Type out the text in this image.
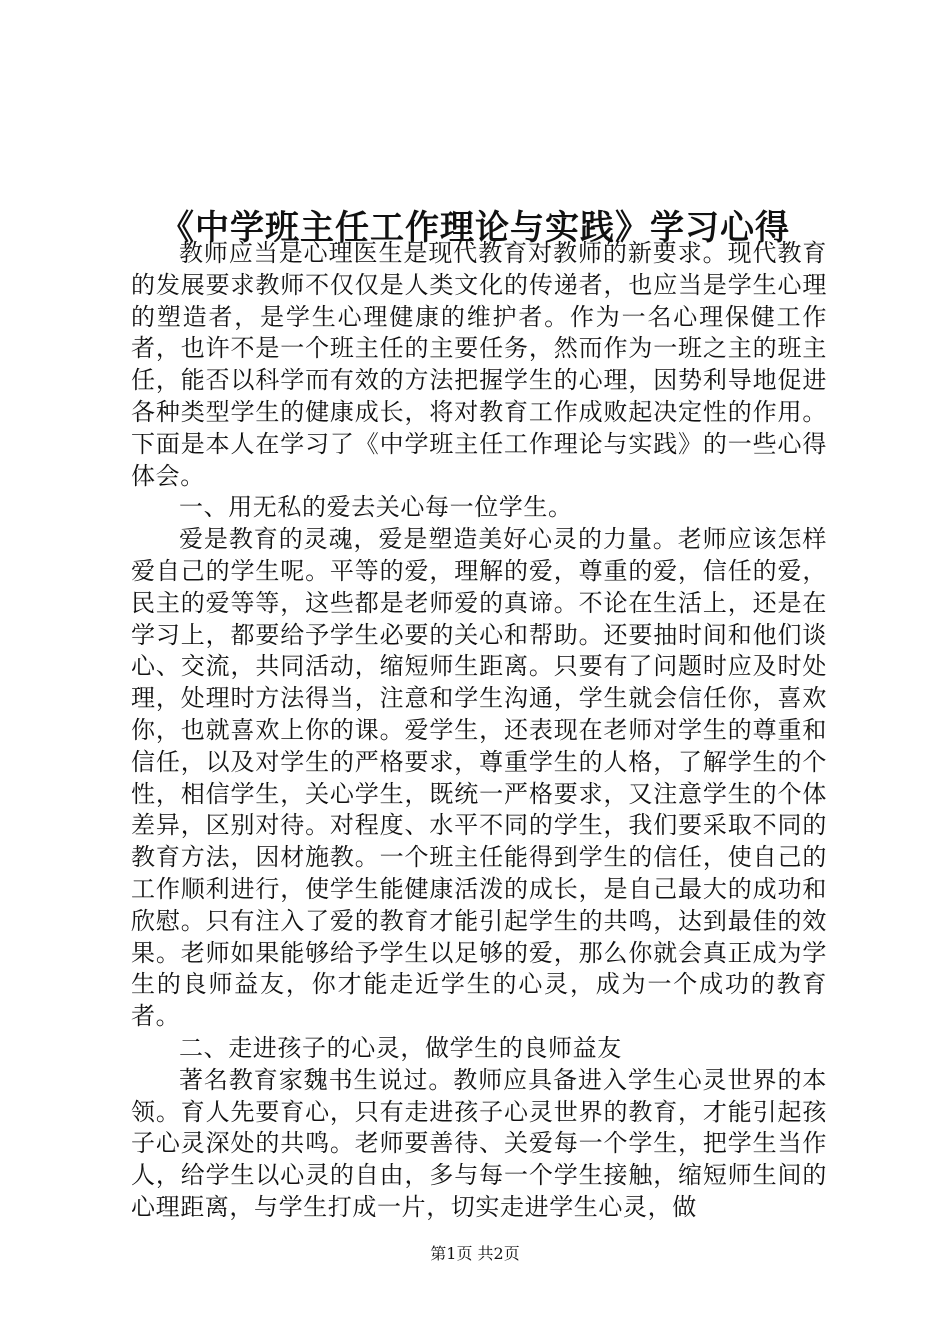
《中学班主任工作理论与实践》学习心得

教师应当是心理医生是现代教育对教师的新要求。现代教育的发展要求教师不仅仅是人类文化的传递者，也应当是学生心理的塑造者，是学生心理健康的维护者。作为一名心理保健工作者，也许不是一个班主任的主要任务，然而作为一班之主的班主任，能否以科学而有效的方法把握学生的心理，因势利导地促进各种类型学生的健康成长，将对教育工作成败起决定性的作用。下面是本人在学习了《中学班主任工作理论与实践》的一些心得体会。

一、用无私的爱去关心每一位学生。

爱是教育的灵魂，爱是塑造美好心灵的力量。老师应该怎样爱自己的学生呢。平等的爱，理解的爱，尊重的爱，信任的爱，民主的爱等等，这些都是老师爱的真谛。不论在生活上，还是在学习上，都要给予学生必要的关心和帮助。还要抽时间和他们谈心、交流，共同活动，缩短师生距离。只要有了问题时应及时处理，处理时方法得当，注意和学生沟通，学生就会信任你，喜欢你，也就喜欢上你的课。爱学生，还表现在老师对学生的尊重和信任，以及对学生的严格要求，尊重学生的人格，了解学生的个性，相信学生，关心学生，既统一严格要求，又注意学生的个体差异，区别对待。对程度、水平不同的学生，我们要采取不同的教育方法，因材施教。一个班主任能得到学生的信任，使自己的工作顺利进行，使学生能健康活泼的成长，是自己最大的成功和欣慰。只有注入了爱的教育才能引起学生的共鸣，达到最佳的效果。老师如果能够给予学生以足够的爱，那么你就会真正成为学生的良师益友，你才能走近学生的心灵，成为一个成功的教育者。

二、走进孩子的心灵，做学生的良师益友

著名教育家魏书生说过。教师应具备进入学生心灵世界的本领。育人先要育心，只有走进孩子心灵世界的教育，才能引起孩子心灵深处的共鸣。老师要善待、关爱每一个学生，把学生当作人，给学生以心灵的自由，多与每一个学生接触，缩短师生间的心理距离，与学生打成一片，切实走进学生心灵，做

第1页 共2页
